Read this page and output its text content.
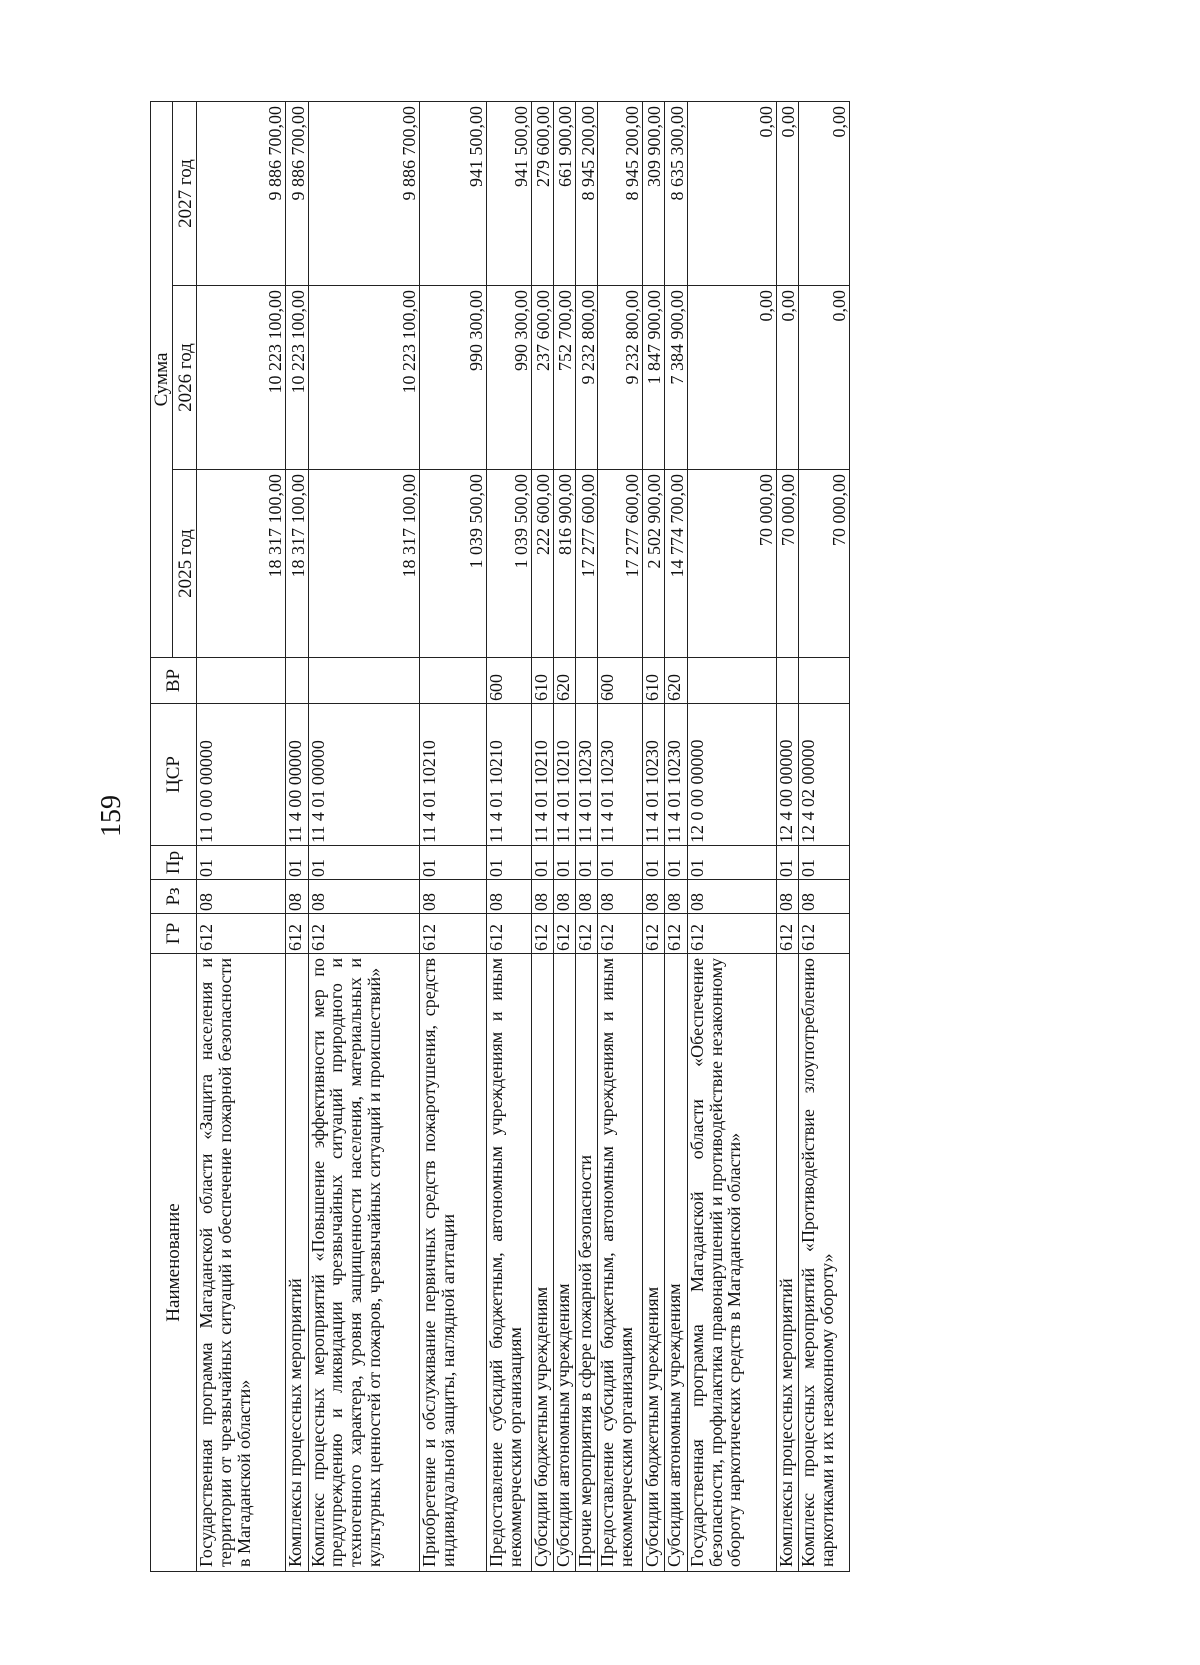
159
Наименование	ГР	Рз	Пр	ЦСР	ВР	Сумма		
						2025 год	2026 год	2027 год
Государственная программа Магаданской области «Защита населения и территории от чрезвычайных ситуаций и обеспечение пожарной безопасности в Магаданской области»	612	08	01	11 0 00 00000		18 317 100,00	10 223 100,00	9 886 700,00
Комплексы процессных мероприятий	612	08	01	11 4 00 00000		18 317 100,00	10 223 100,00	9 886 700,00
Комплекс процессных мероприятий «Повышение эффективности мер по предупреждению и ликвидации чрезвычайных ситуаций природного и техногенного характера, уровня защищенности населения, материальных и культурных ценностей от пожаров, чрезвычайных ситуаций и происшествий»	612	08	01	11 4 01 00000		18 317 100,00	10 223 100,00	9 886 700,00
Приобретение и обслуживание первичных средств пожаротушения, средств индивидуальной защиты, наглядной агитации	612	08	01	11 4 01 10210		1 039 500,00	990 300,00	941 500,00
Предоставление субсидий бюджетным, автономным учреждениям и иным некоммерческим организациям	612	08	01	11 4 01 10210	600	1 039 500,00	990 300,00	941 500,00
Субсидии бюджетным учреждениям	612	08	01	11 4 01 10210	610	222 600,00	237 600,00	279 600,00
Субсидии автономным учреждениям	612	08	01	11 4 01 10210	620	816 900,00	752 700,00	661 900,00
Прочие мероприятия в сфере пожарной безопасности	612	08	01	11 4 01 10230		17 277 600,00	9 232 800,00	8 945 200,00
Предоставление субсидий бюджетным, автономным учреждениям и иным некоммерческим организациям	612	08	01	11 4 01 10230	600	17 277 600,00	9 232 800,00	8 945 200,00
Субсидии бюджетным учреждениям	612	08	01	11 4 01 10230	610	2 502 900,00	1 847 900,00	309 900,00
Субсидии автономным учреждениям	612	08	01	11 4 01 10230	620	14 774 700,00	7 384 900,00	8 635 300,00
Государственная программа Магаданской области «Обеспечение безопасности, профилактика правонарушений и противодействие незаконному обороту наркотических средств в Магаданской области»	612	08	01	12 0 00 00000		70 000,00	0,00	0,00
Комплексы процессных мероприятий	612	08	01	12 4 00 00000		70 000,00	0,00	0,00
Комплекс процессных мероприятий «Противодействие злоупотреблению наркотиками и их незаконному обороту»	612	08	01	12 4 02 00000		70 000,00	0,00	0,00
